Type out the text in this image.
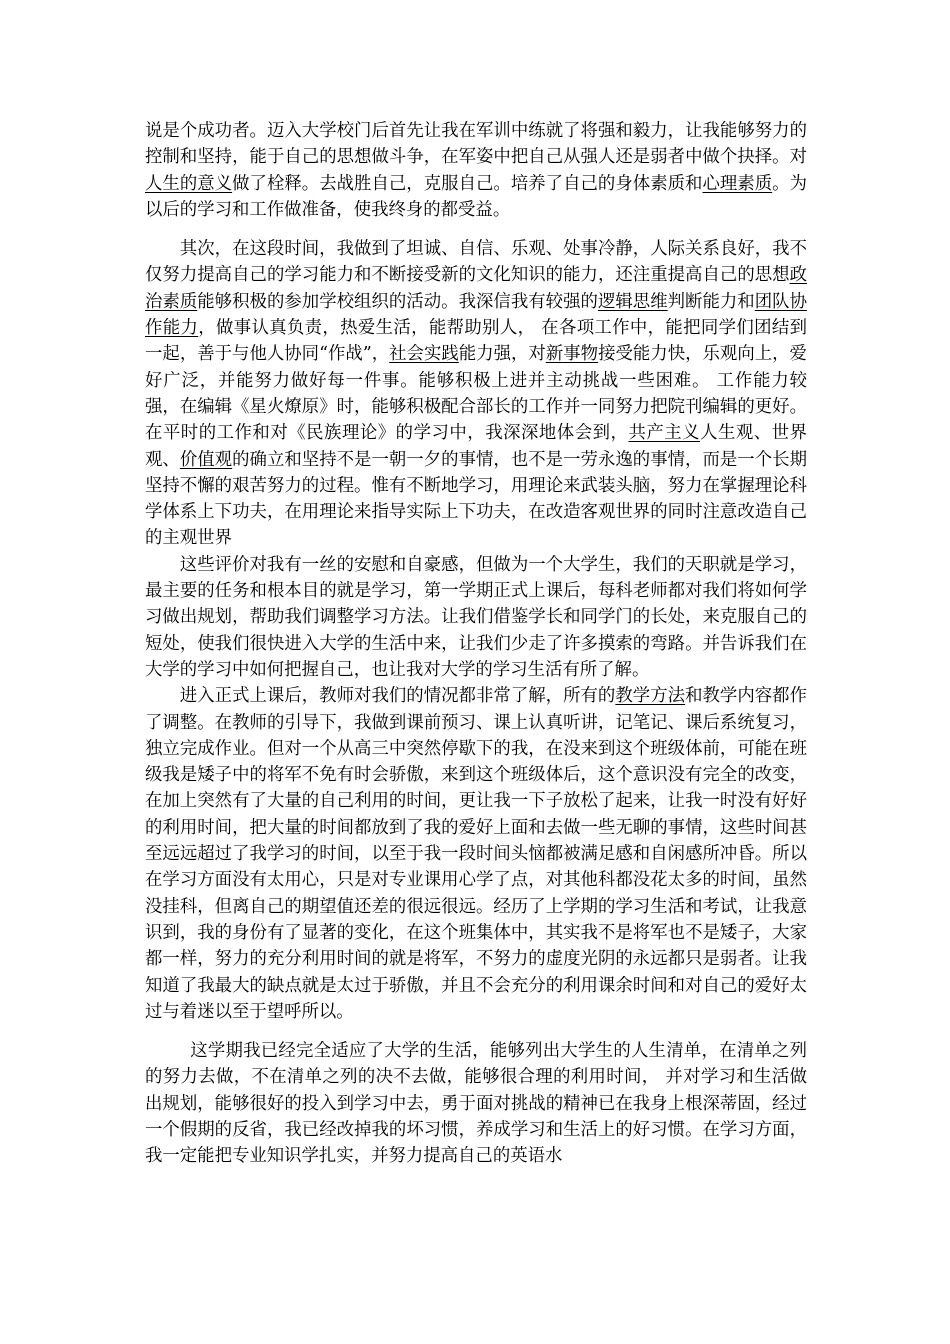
说是个成功者。迈入大学校门后首先让我在军训中练就了将强和毅力，让我能够努力的控制和坚持，能于自己的思想做斗争，在军姿中把自己从强人还是弱者中做个抉择。对人生的意义做了栓释。去战胜自己，克服自己。培养了自己的身体素质和心理素质。为以后的学习和工作做准备，使我终身的都受益。

其次，在这段时间，我做到了坦诚、自信、乐观、处事冷静，人际关系良好，我不仅努力提高自己的学习能力和不断接受新的文化知识的能力，还注重提高自己的思想政治素质能够积极的参加学校组织的活动。我深信我有较强的逻辑思维判断能力和团队协作能力，做事认真负责，热爱生活，能帮助别人， 在各项工作中，能把同学们团结到一起，善于与他人协同“作战”，社会实践能力强，对新事物接受能力快，乐观向上，爱好广泛，并能努力做好每一件事。能够积极上进并主动挑战一些困难。 工作能力较强，在编辑《星火燎原》时，能够积极配合部长的工作并一同努力把院刊编辑的更好。 在平时的工作和对《民族理论》的学习中，我深深地体会到，共产主义人生观、世界观、价值观的确立和坚持不是一朝一夕的事情，也不是一劳永逸的事情，而是一个长期坚持不懈的艰苦努力的过程。惟有不断地学习，用理论来武装头脑，努力在掌握理论科学体系上下功夫，在用理论来指导实际上下功夫，在改造客观世界的同时注意改造自己的主观世界

这些评价对我有一丝的安慰和自豪感，但做为一个大学生，我们的天职就是学习，最主要的任务和根本目的就是学习，第一学期正式上课后，每科老师都对我们将如何学习做出规划，帮助我们调整学习方法。让我们借鉴学长和同学门的长处，来克服自己的短处，使我们很快进入大学的生活中来，让我们少走了许多摸索的弯路。并告诉我们在大学的学习中如何把握自己，也让我对大学的学习生活有所了解。

进入正式上课后，教师对我们的情况都非常了解，所有的教学方法和教学内容都作了调整。在教师的引导下，我做到课前预习、课上认真听讲，记笔记、课后系统复习，独立完成作业。但对一个从高三中突然停歇下的我，在没来到这个班级体前，可能在班级我是矮子中的将军不免有时会骄傲，来到这个班级体后，这个意识没有完全的改变，在加上突然有了大量的自己利用的时间，更让我一下子放松了起来，让我一时没有好好的利用时间，把大量的时间都放到了我的爱好上面和去做一些无聊的事情，这些时间甚至远远超过了我学习的时间，以至于我一段时间头恼都被满足感和自闲感所冲昏。所以在学习方面没有太用心，只是对专业课用心学了点，对其他科都没花太多的时间，虽然没挂科，但离自己的期望值还差的很远很远。经历了上学期的学习生活和考试，让我意识到，我的身份有了显著的变化，在这个班集体中，其实我不是将军也不是矮子，大家都一样，努力的充分利用时间的就是将军，不努力的虚度光阴的永远都只是弱者。让我知道了我最大的缺点就是太过于骄傲，并且不会充分的利用课余时间和对自己的爱好太过与着迷以至于望呼所以。

这学期我已经完全适应了大学的生活，能够列出大学生的人生清单，在清单之列的努力去做，不在清单之列的决不去做，能够很合理的利用时间， 并对学习和生活做出规划，能够很好的投入到学习中去，勇于面对挑战的精神已在我身上根深蒂固，经过一个假期的反省，我已经改掉我的坏习惯，养成学习和生活上的好习惯。在学习方面，我一定能把专业知识学扎实，并努力提高自己的英语水
